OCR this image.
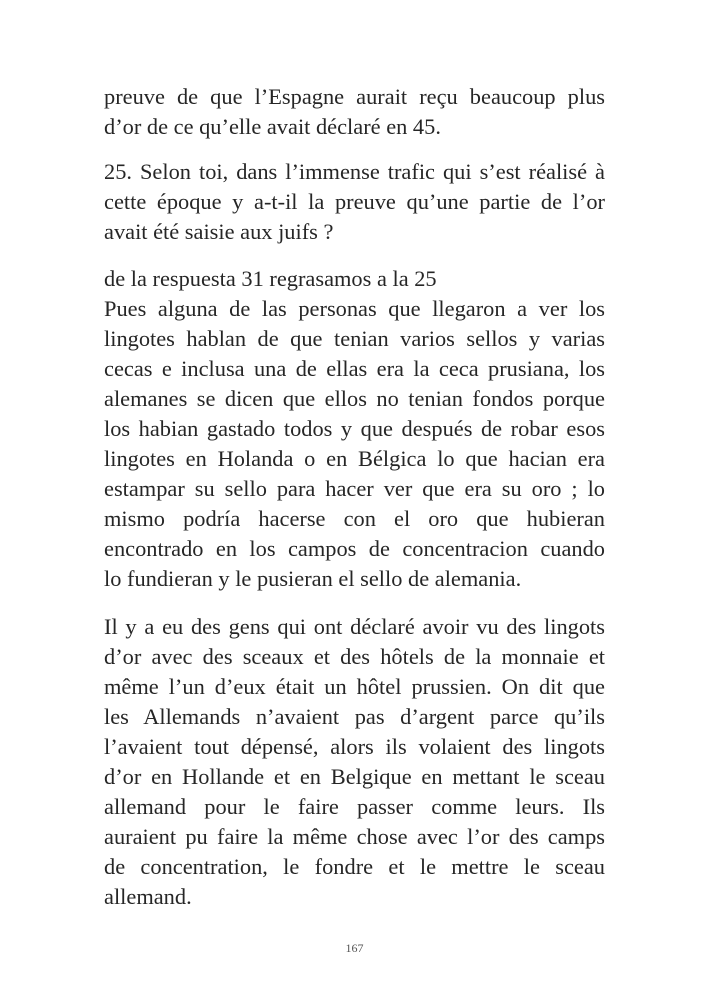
preuve de que l’Espagne aurait reçu beaucoup plus
d’or de ce qu’elle avait déclaré en 45.
25. Selon toi, dans l’immense trafic qui s’est réalisé à
cette époque y a-t-il la preuve qu’une partie de l’or
avait été saisie aux juifs ?
de la respuesta 31 regrasamos a la 25
Pues alguna de las personas que llegaron a ver los
lingotes hablan de que tenian varios sellos y varias
cecas e inclusa una de ellas era la ceca prusiana, los
alemanes se dicen que ellos no tenian fondos porque
los habian gastado todos y que después de robar esos
lingotes en Holanda o en Bélgica lo que hacian era
estampar su sello para hacer ver que era su oro ; lo
mismo podría hacerse con el oro que hubieran
encontrado en los campos de concentracion cuando
lo fundieran y le pusieran el sello de alemania.
Il y a eu des gens qui ont déclaré avoir vu des lingots
d’or avec des sceaux et des hôtels de la monnaie et
même l’un d’eux était un hôtel prussien. On dit que
les Allemands n’avaient pas d’argent parce qu’ils
l’avaient tout dépensé, alors ils volaient des lingots
d’or en Hollande et en Belgique en mettant le sceau
allemand pour le faire passer comme leurs. Ils
auraient pu faire la même chose avec l’or des camps
de concentration, le fondre et le mettre le sceau
allemand.
167
